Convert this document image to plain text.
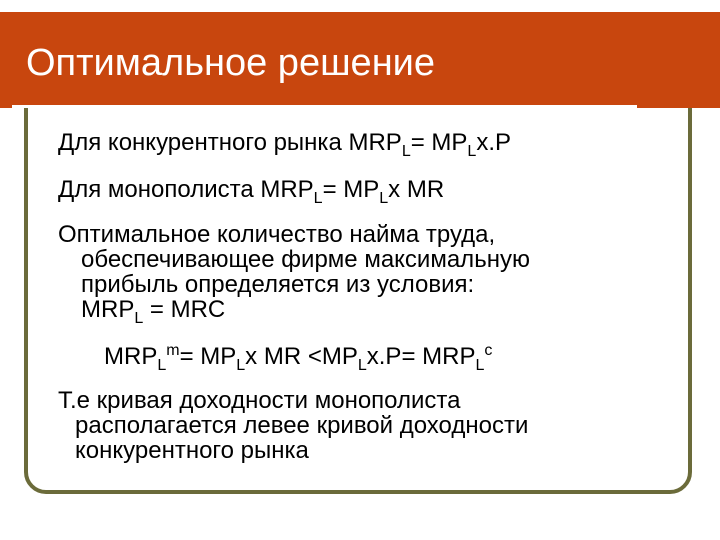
Оптимальное решение
Для конкурентного рынка $MRP_L= MP_Lx.P$
Для монополиста $MRP_L= MP_Lx$ MR
Оптимальное количество найма труда,
обеспечивающее фирме максимальную
прибыль определяется из условия:
$MRP_L$ = MRC
$MRP_L^m= MP_Lx$ MR $<MP_Lx.P= MRP_L^c$
Т.е кривая доходности монополиста
располагается левее кривой доходности
конкурентного рынка
